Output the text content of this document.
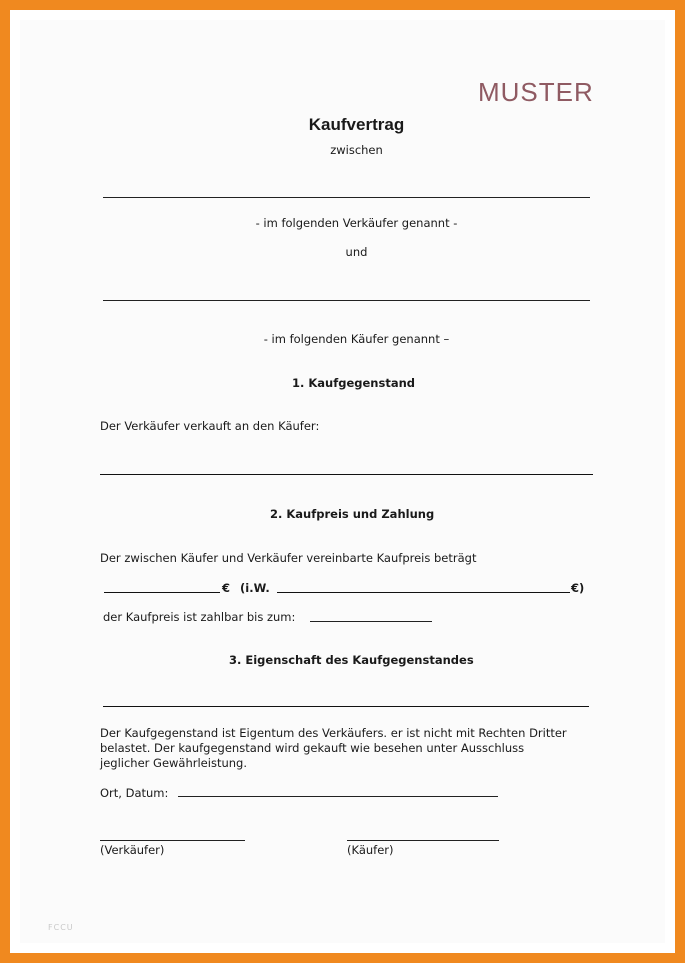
MUSTER
Kaufvertrag
zwischen
- im folgenden Verkäufer genannt -
und
- im folgenden Käufer genannt –
1. Kaufgegenstand
Der Verkäufer verkauft an den Käufer:
2. Kaufpreis und Zahlung
Der zwischen Käufer und Verkäufer vereinbarte Kaufpreis beträgt
€ (i.W.	€)
der Kaufpreis ist zahlbar bis zum:
3. Eigenschaft des Kaufgegenstandes
Der Kaufgegenstand ist Eigentum des Verkäufers. er ist nicht mit Rechten Dritter
belastet. Der kaufgegenstand wird gekauft wie besehen unter Ausschluss
jeglicher Gewährleistung.
Ort, Datum:
(Verkäufer)	(Käufer)
FCCU
